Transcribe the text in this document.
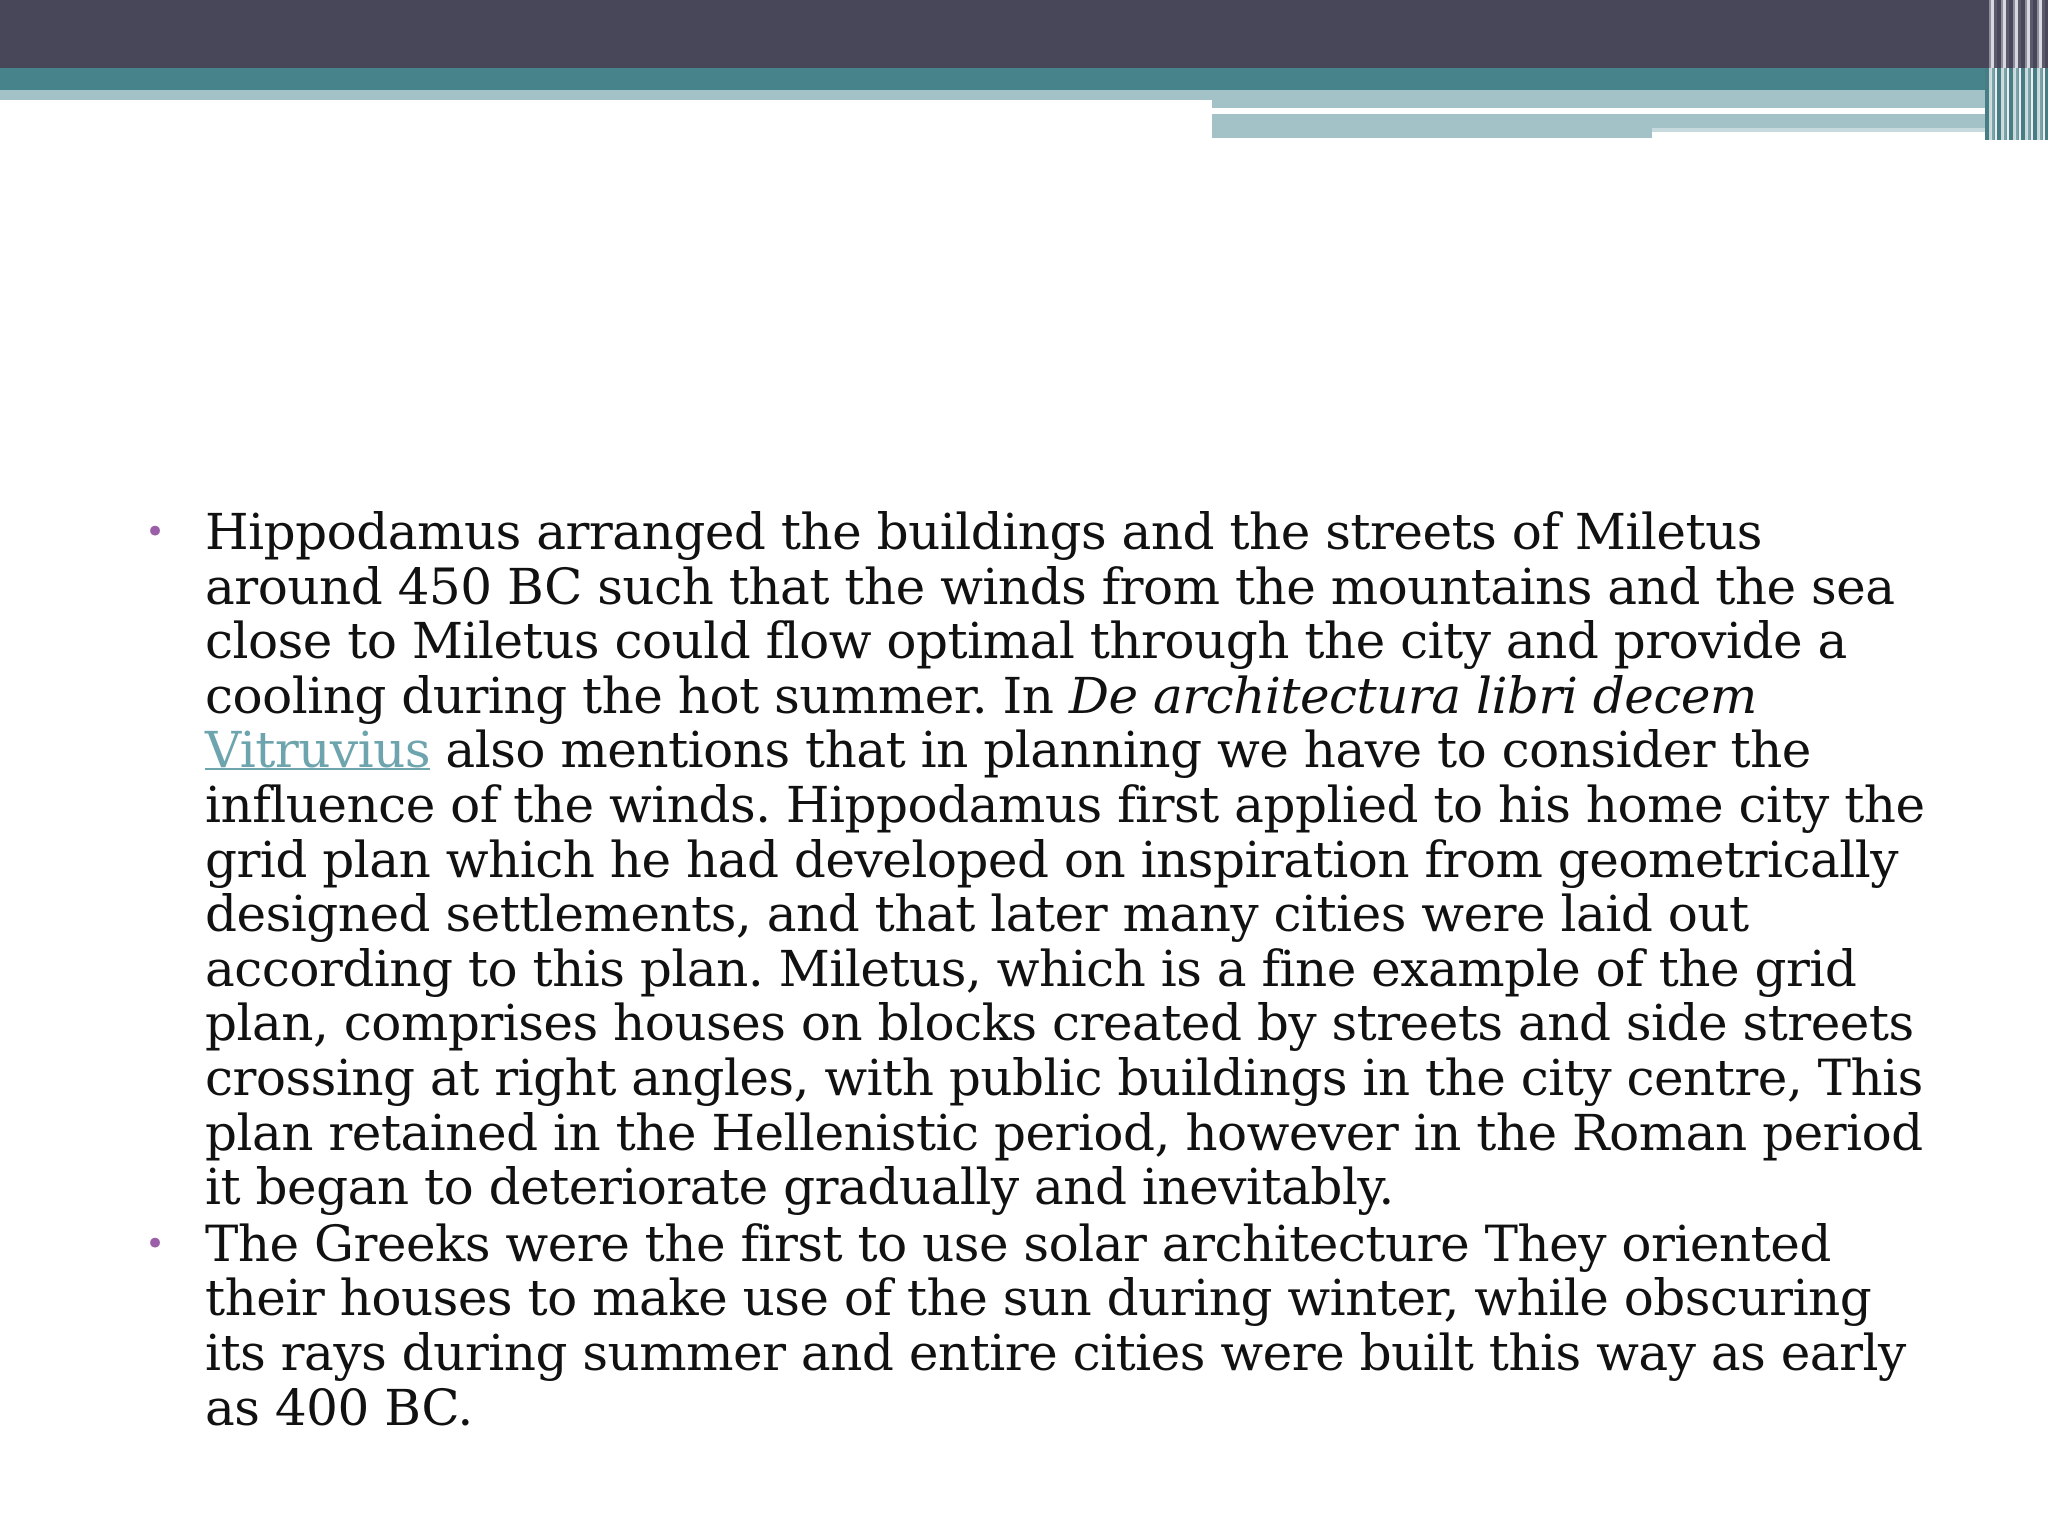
• Hippodamus arranged the buildings and the streets of Miletus around 450 BC such that the winds from the mountains and the sea close to Miletus could flow optimal through the city and provide a cooling during the hot summer. In De architectura libri decem Vitruvius also mentions that in planning we have to consider the influence of the winds. Hippodamus first applied to his home city the grid plan which he had developed on inspiration from geometrically designed settlements, and that later many cities were laid out according to this plan. Miletus, which is a fine example of the grid plan, comprises houses on blocks created by streets and side streets crossing at right angles, with public buildings in the city centre, This plan retained in the Hellenistic period, however in the Roman period it began to deteriorate gradually and inevitably.
• The Greeks were the first to use solar architecture They oriented their houses to make use of the sun during winter, while obscuring its rays during summer and entire cities were built this way as early as 400 BC.
